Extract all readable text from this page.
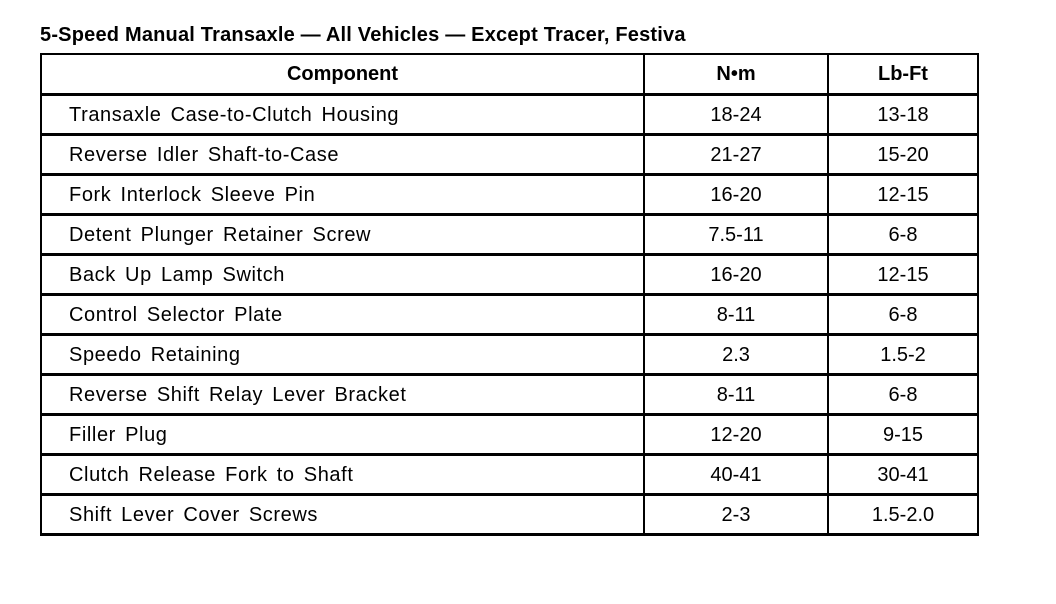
5-Speed Manual Transaxle — All Vehicles — Except Tracer, Festiva
Component	N•m	Lb-Ft
Transaxle Case-to-Clutch Housing	18-24	13-18
Reverse Idler Shaft-to-Case	21-27	15-20
Fork Interlock Sleeve Pin	16-20	12-15
Detent Plunger Retainer Screw	7.5-11	6-8
Back Up Lamp Switch	16-20	12-15
Control Selector Plate	8-11	6-8
Speedo Retaining	2.3	1.5-2
Reverse Shift Relay Lever Bracket	8-11	6-8
Filler Plug	12-20	9-15
Clutch Release Fork to Shaft	40-41	30-41
Shift Lever Cover Screws	2-3	1.5-2.0
